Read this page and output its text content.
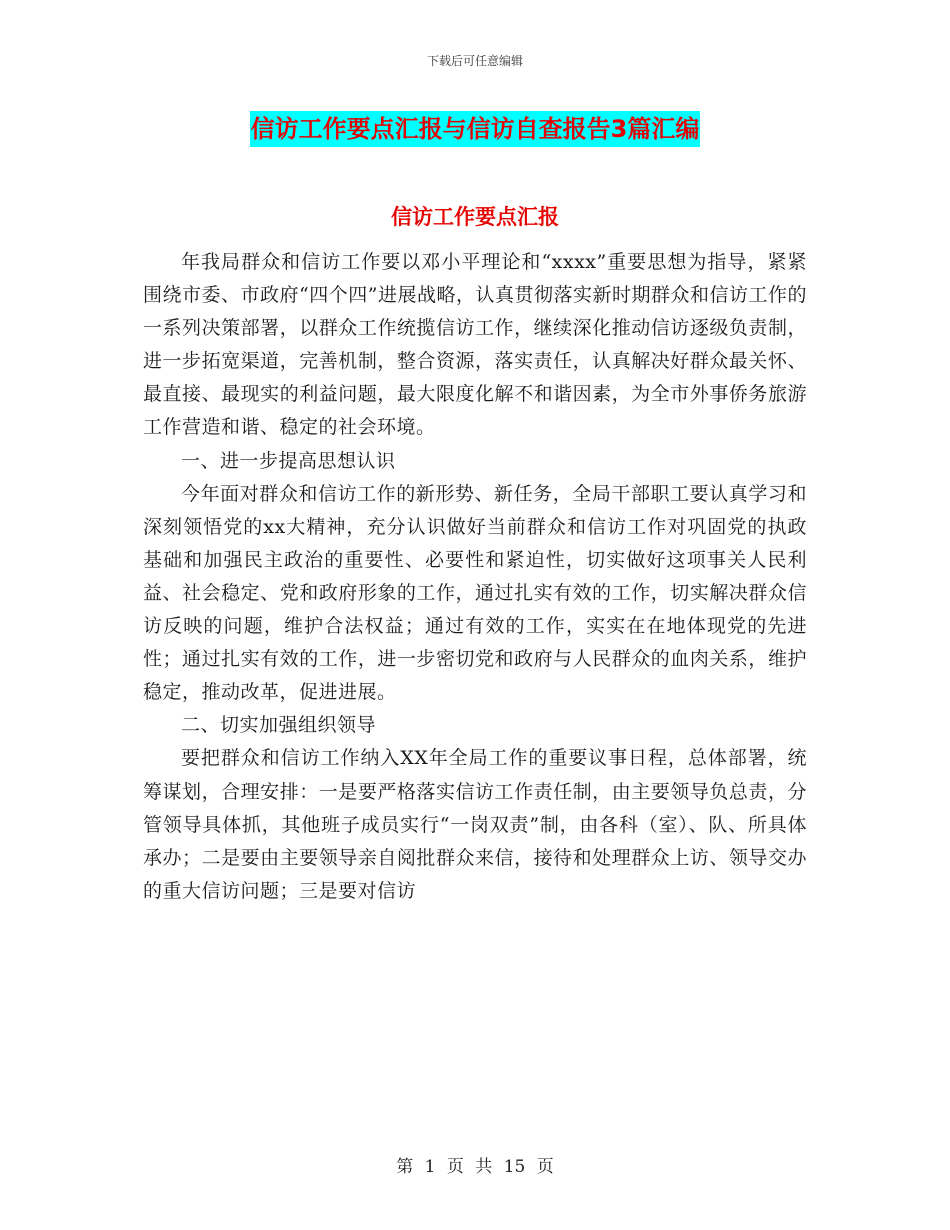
下载后可任意编辑
信访工作要点汇报与信访自查报告3篇汇编
信访工作要点汇报

年我局群众和信访工作要以邓小平理论和“xxxx”重要思想为指导，紧紧围绕市委、市政府“四个四”进展战略，认真贯彻落实新时期群众和信访工作的一系列决策部署，以群众工作统揽信访工作，继续深化推动信访逐级负责制，进一步拓宽渠道，完善机制，整合资源，落实责任，认真解决好群众最关怀、最直接、最现实的利益问题，最大限度化解不和谐因素，为全市外事侨务旅游工作营造和谐、稳定的社会环境。

一、进一步提高思想认识

今年面对群众和信访工作的新形势、新任务，全局干部职工要认真学习和深刻领悟党的xx大精神，充分认识做好当前群众和信访工作对巩固党的执政基础和加强民主政治的重要性、必要性和紧迫性，切实做好这项事关人民利益、社会稳定、党和政府形象的工作，通过扎实有效的工作，切实解决群众信访反映的问题，维护合法权益；通过有效的工作，实实在在地体现党的先进性；通过扎实有效的工作，进一步密切党和政府与人民群众的血肉关系，维护稳定，推动改革，促进进展。

二、切实加强组织领导

要把群众和信访工作纳入XX年全局工作的重要议事日程，总体部署，统筹谋划，合理安排：一是要严格落实信访工作责任制，由主要领导负总责，分管领导具体抓，其他班子成员实行“一岗双责”制，由各科（室）、队、所具体承办；二是要由主要领导亲自阅批群众来信，接待和处理群众上访、领导交办的重大信访问题；三是要对信访

第 1 页 共 15 页
